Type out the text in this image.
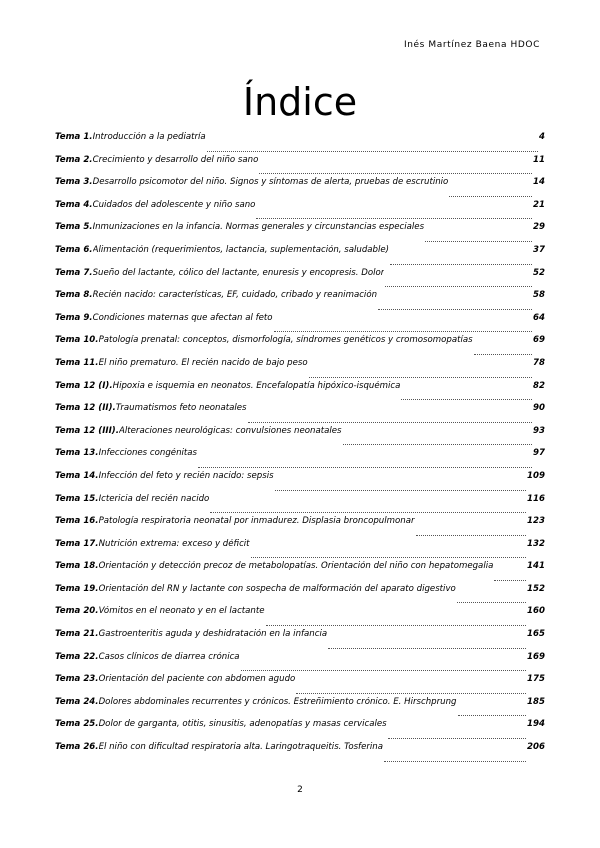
Inés Martínez Baena HDOC
Índice
Tema 1. Introducción a la pediatría	4
Tema 2. Crecimiento y desarrollo del niño sano	11
Tema 3. Desarrollo psicomotor del niño. Signos y síntomas de alerta, pruebas de escrutinio	14
Tema 4. Cuidados del adolescente y niño sano	21
Tema 5. Inmunizaciones en la infancia. Normas generales y circunstancias especiales	29
Tema 6. Alimentación (requerimientos, lactancia, suplementación, saludable)	37
Tema 7. Sueño del lactante, cólico del lactante, enuresis y encopresis. Dolor	52
Tema 8. Recién nacido: características, EF, cuidado, cribado y reanimación	58
Tema 9. Condiciones maternas que afectan al feto	64
Tema 10. Patología prenatal: conceptos, dismorfología, síndromes genéticos y cromosomopatías	69
Tema 11. El niño prematuro. El recién nacido de bajo peso	78
Tema 12 (I). Hipoxia e isquemia en neonatos. Encefalopatía hipóxico-isquémica	82
Tema 12 (II). Traumatismos feto neonatales	90
Tema 12 (III). Alteraciones neurológicas: convulsiones neonatales	93
Tema 13. Infecciones congénitas	97
Tema 14. Infección del feto y recién nacido: sepsis	109
Tema 15. Ictericia del recién nacido	116
Tema 16. Patología respiratoria neonatal por inmadurez. Displasia broncopulmonar	123
Tema 17. Nutrición extrema: exceso y déficit	132
Tema 18. Orientación y detección precoz de metabolopatías. Orientación del niño con hepatomegalia	141
Tema 19. Orientación del RN y lactante con sospecha de malformación del aparato digestivo	152
Tema 20. Vómitos en el neonato y en el lactante	160
Tema 21. Gastroenteritis aguda y deshidratación en la infancia	165
Tema 22. Casos clínicos de diarrea crónica	169
Tema 23. Orientación del paciente con abdomen agudo	175
Tema 24. Dolores abdominales recurrentes y crónicos. Estreñimiento crónico. E. Hirschprung	185
Tema 25. Dolor de garganta, otitis, sinusitis, adenopatías y masas cervicales	194
Tema 26. El niño con dificultad respiratoria alta. Laringotraqueitis. Tosferina	206
2
